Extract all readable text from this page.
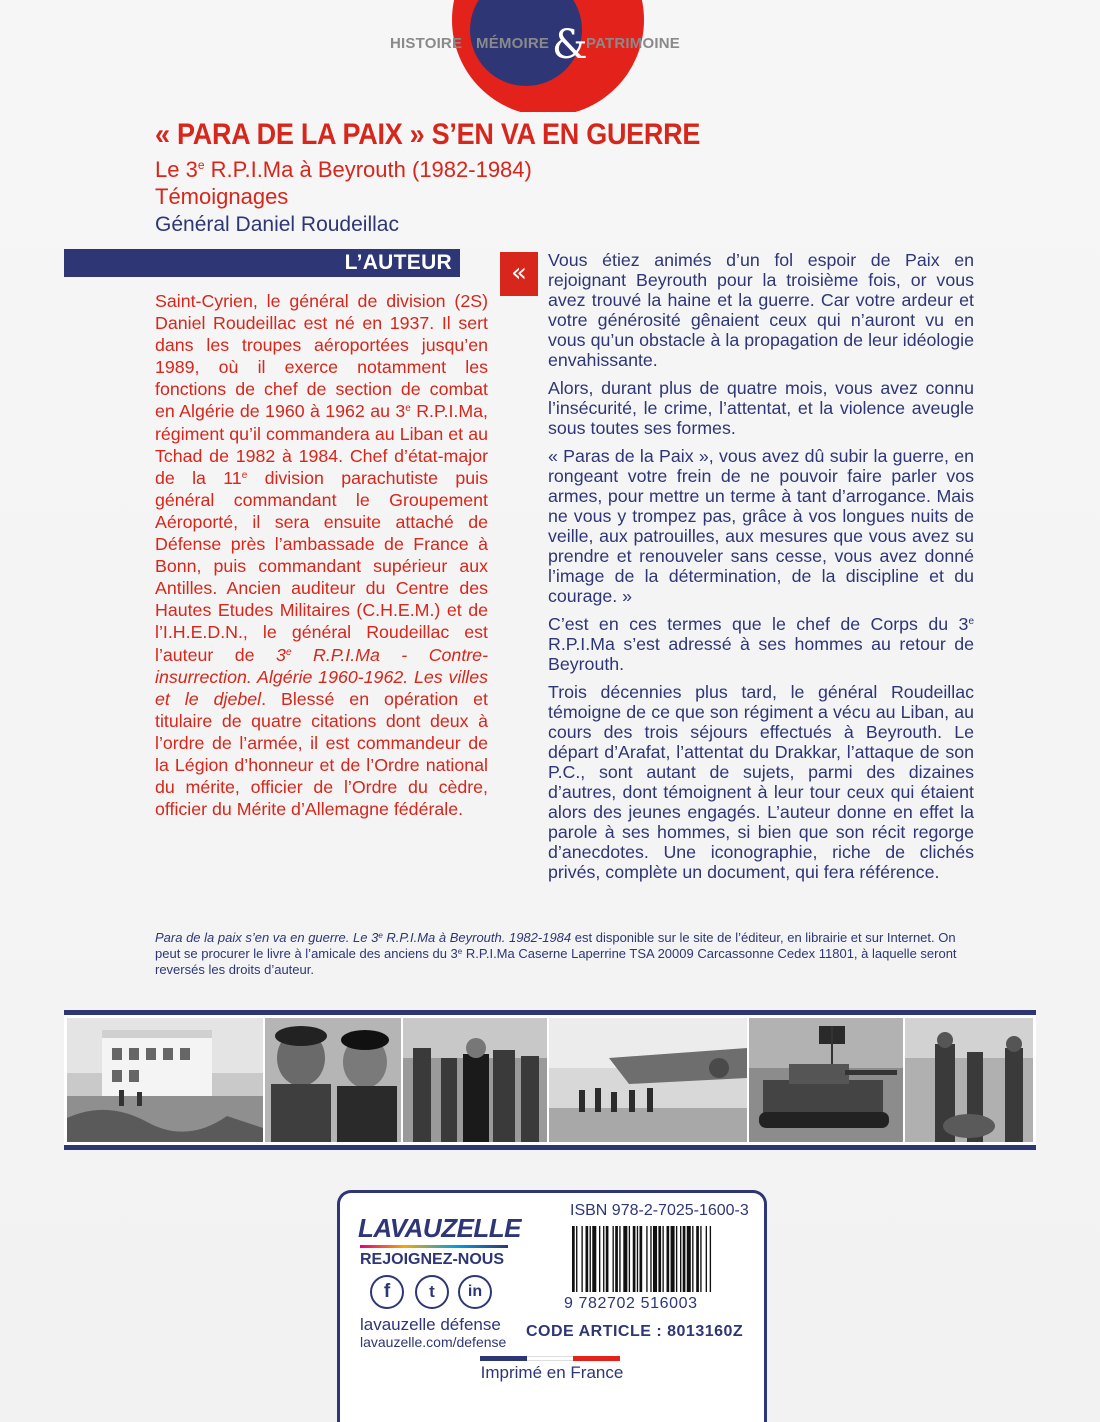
HISTOIRE MÉMOIRE &
PATRIMOINE
« PARA DE LA PAIX » S’EN VA EN GUERRE
Le 3e R.P.I.Ma à Beyrouth (1982-1984)
Témoignages
Général Daniel Roudeillac
L’AUTEUR
Saint-Cyrien, le général de division (2S) Daniel Roudeillac est né en 1937. Il sert dans les troupes aéroportées jusqu’en 1989, où il exerce notamment les fonctions de chef de section de combat en Algérie de 1960 à 1962 au 3e R.P.I.Ma, régiment qu’il commandera au Liban et au Tchad de 1982 à 1984. Chef d’état-major de la 11e division parachutiste puis général commandant le Groupement Aéroporté, il sera ensuite attaché de Défense près l’ambassade de France à Bonn, puis commandant supérieur aux Antilles. Ancien auditeur du Centre des Hautes Etudes Militaires (C.H.E.M.) et de l’I.H.E.D.N., le général Roudeillac est l’auteur de 3e R.P.I.Ma - Contre-insurrection. Algérie 1960-1962. Les villes et le djebel. Blessé en opération et titulaire de quatre citations dont deux à l’ordre de l’armée, il est commandeur de la Légion d’honneur et de l’Ordre national du mérite, officier de l’Ordre du cèdre, officier du Mérite d’Allemagne fédérale.
«	Vous étiez animés d’un fol espoir de Paix en rejoignant Beyrouth pour la troisième fois, or vous avez trouvé la haine et la guerre. Car votre ardeur et votre générosité gênaient ceux qui n’auront vu en vous qu’un obstacle à la propagation de leur idéologie envahissante.

Alors, durant plus de quatre mois, vous avez connu l’insécurité, le crime, l’attentat, et la violence aveugle sous toutes ses formes.

« Paras de la Paix », vous avez dû subir la guerre, en rongeant votre frein de ne pouvoir faire parler vos armes, pour mettre un terme à tant d’arrogance. Mais ne vous y trompez pas, grâce à vos longues nuits de veille, aux patrouilles, aux mesures que vous avez su prendre et renouveler sans cesse, vous avez donné l’image de la détermination, de la discipline et du courage. »

C’est en ces termes que le chef de Corps du 3e R.P.I.Ma s’est adressé à ses hommes au retour de Beyrouth.

Trois décennies plus tard, le général Roudeillac témoigne de ce que son régiment a vécu au Liban, au cours des trois séjours effectués à Beyrouth. Le départ d’Arafat, l’attentat du Drakkar, l’attaque de son P.C., sont autant de sujets, parmi des dizaines d’autres, dont témoignent à leur tour ceux qui étaient alors des jeunes engagés. L’auteur donne en effet la parole à ses hommes, si bien que son récit regorge d’anecdotes. Une iconographie, riche de clichés privés, complète un document, qui fera référence.

Para de la paix s’en va en guerre. Le 3e R.P.I.Ma à Beyrouth. 1982-1984 est disponible sur le site de l’éditeur, en librairie et sur Internet. On peut se procurer le livre à l’amicale des anciens du 3e R.P.I.Ma Caserne Laperrine TSA 20009 Carcassonne Cedex 11801, à laquelle seront reversés les droits d’auteur.
LAVAUZELLE
REJOIGNEZ-NOUS
f	t	in
lavauzelle défense
lavauzelle.com/defense
ISBN 978-2-7025-1600-3
9 782702 516003
CODE ARTICLE : 8013160Z
Imprimé en France
